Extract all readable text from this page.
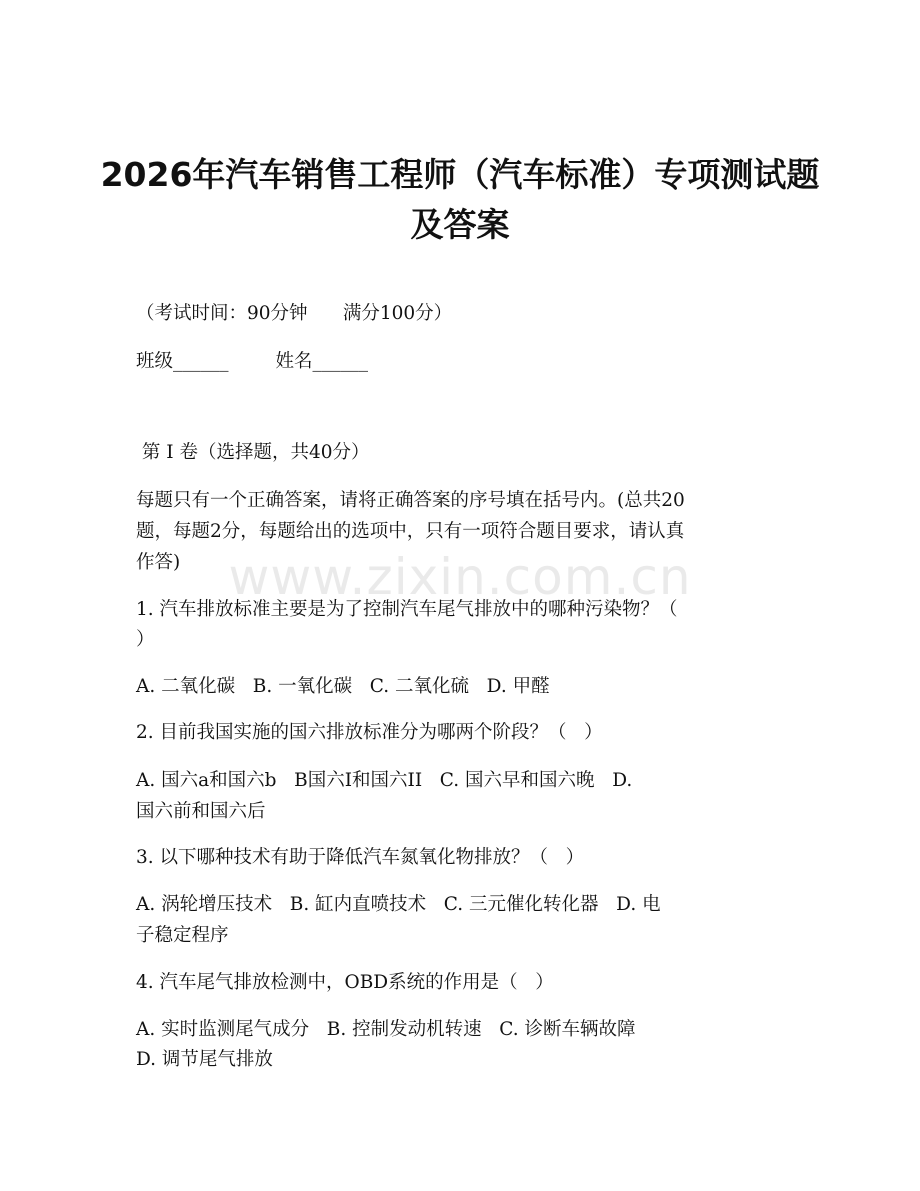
2026年汽车销售工程师（汽车标准）专项测试题及答案

（考试时间：90分钟      满分100分）

班级______        姓名______

第 I 卷（选择题，共40分）

每题只有一个正确答案，请将正确答案的序号填在括号内。(总共20

题，每题2分，每题给出的选项中，只有一项符合题目要求，请认真

作答)

1. 汽车排放标准主要是为了控制汽车尾气排放中的哪种污染物？（

）

A. 二氧化碳   B. 一氧化碳   C. 二氧化硫   D. 甲醛

2. 目前我国实施的国六排放标准分为哪两个阶段？（   ）

A. 国六a和国六b   B国六I和国六II   C. 国六早和国六晚   D.

国六前和国六后

3. 以下哪种技术有助于降低汽车氮氧化物排放？（   ）

A. 涡轮增压技术   B. 缸内直喷技术   C. 三元催化转化器   D. 电

子稳定程序

4. 汽车尾气排放检测中，OBD系统的作用是（   ）

A. 实时监测尾气成分   B. 控制发动机转速   C. 诊断车辆故障

D. 调节尾气排放

www.zixin.com.cn
